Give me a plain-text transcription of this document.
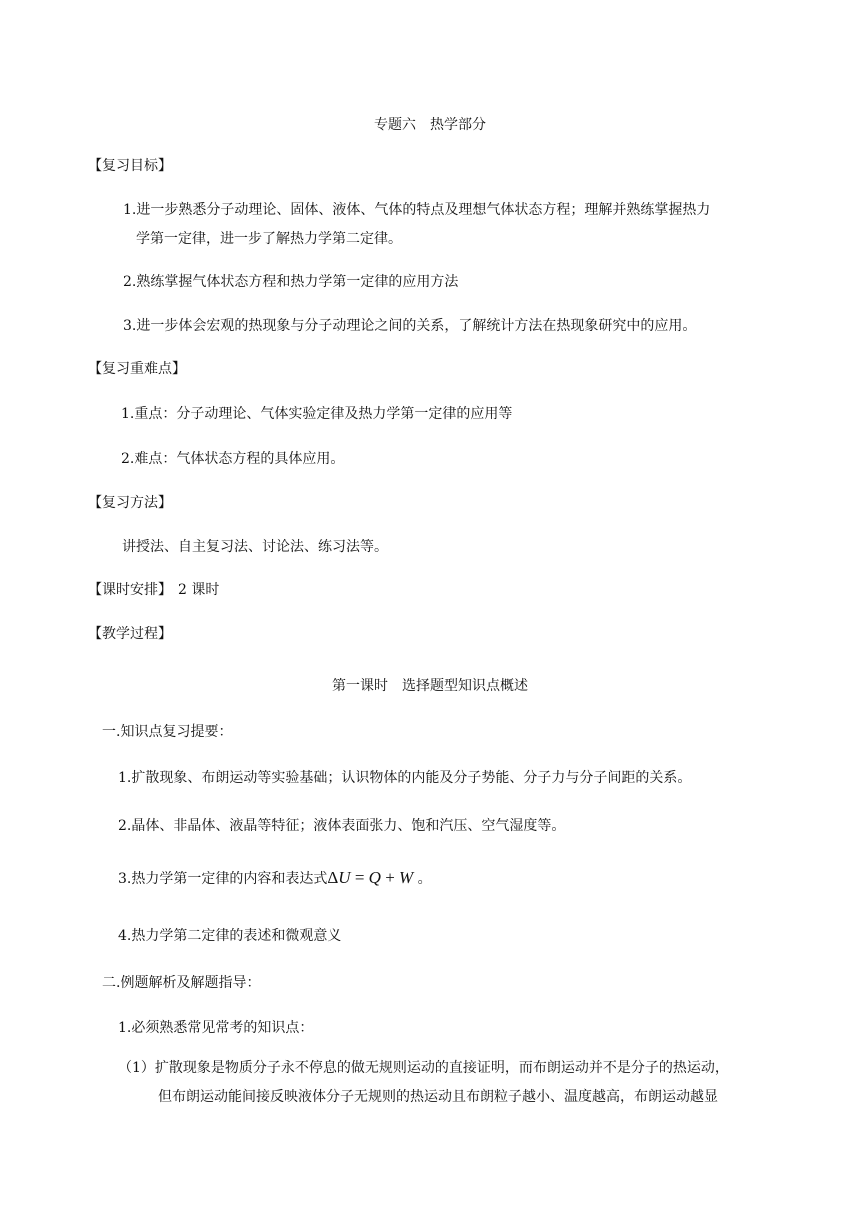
专题六　热学部分
【复习目标】
1.进一步熟悉分子动理论、固体、液体、气体的特点及理想气体状态方程；理解并熟练掌握热力
学第一定律，进一步了解热力学第二定律。
2.熟练掌握气体状态方程和热力学第一定律的应用方法
3.进一步体会宏观的热现象与分子动理论之间的关系，了解统计方法在热现象研究中的应用。
【复习重难点】
1.重点：分子动理论、气体实验定律及热力学第一定律的应用等
2.难点：气体状态方程的具体应用。
【复习方法】
讲授法、自主复习法、讨论法、练习法等。
【课时安排】 2 课时
【教学过程】
第一课时　选择题型知识点概述
一.知识点复习提要：
1.扩散现象、布朗运动等实验基础；认识物体的内能及分子势能、分子力与分子间距的关系。
2.晶体、非晶体、液晶等特征；液体表面张力、饱和汽压、空气湿度等。
3.热力学第一定律的内容和表达式ΔU = Q + W 。
4.热力学第二定律的表述和微观意义
二.例题解析及解题指导：
1.必须熟悉常见常考的知识点：
（1）扩散现象是物质分子永不停息的做无规则运动的直接证明，而布朗运动并不是分子的热运动，
但布朗运动能间接反映液体分子无规则的热运动且布朗粒子越小、温度越高，布朗运动越显
